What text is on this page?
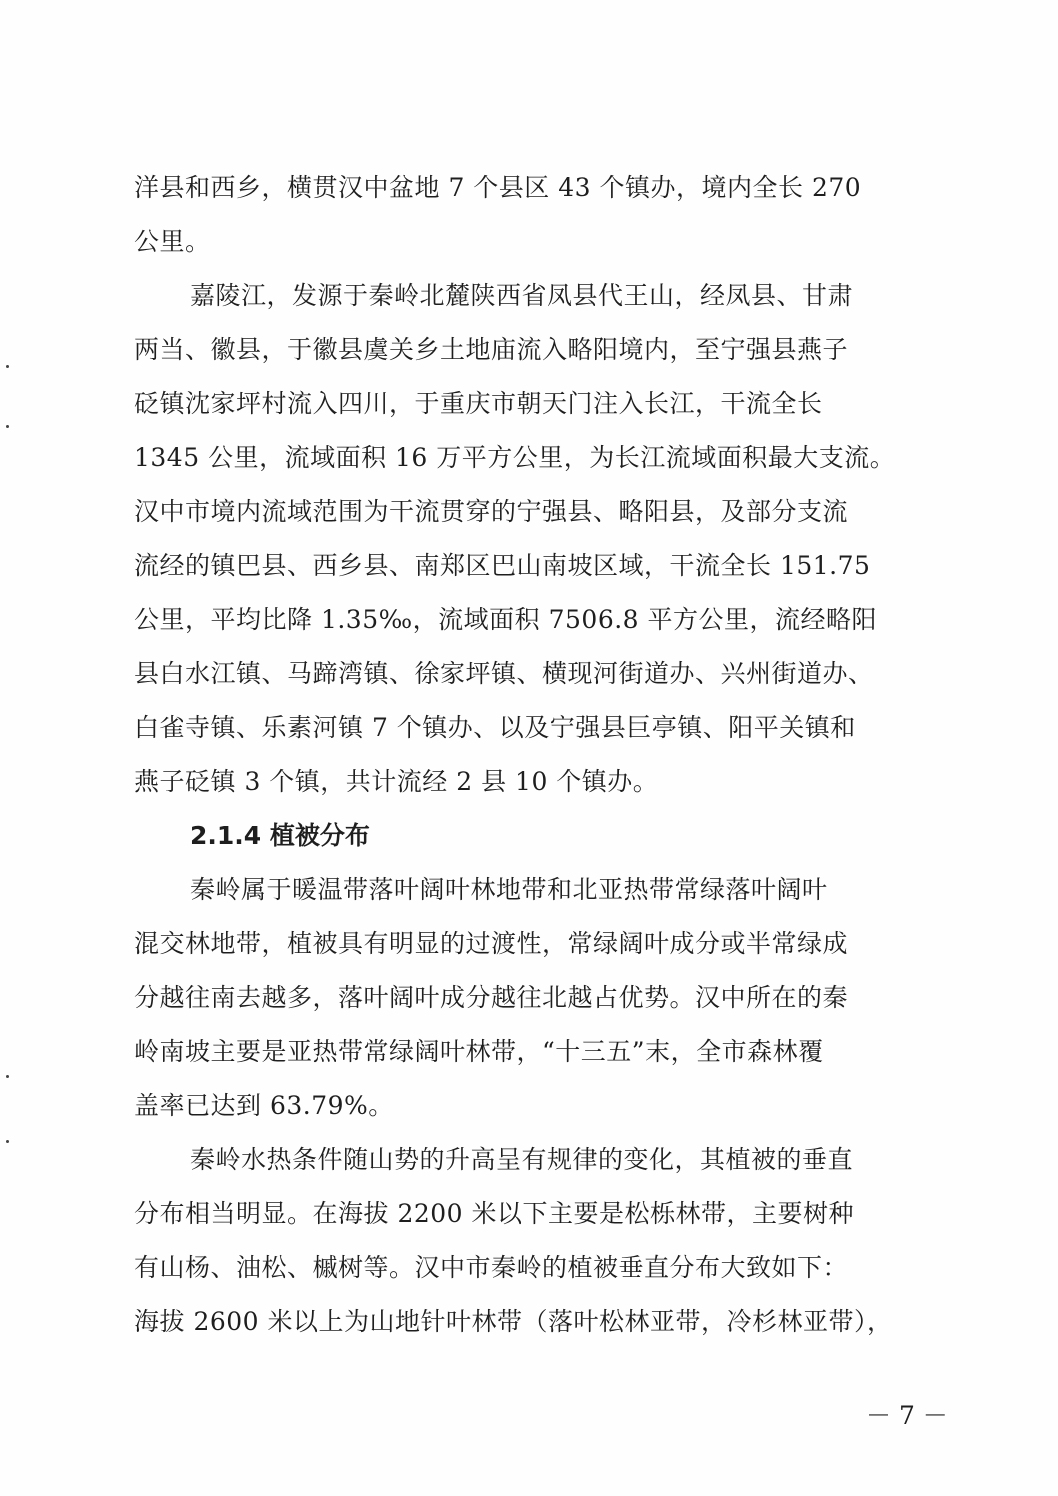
洋县和西乡，横贯汉中盆地 7 个县区 43 个镇办，境内全长 270
公里。
嘉陵江，发源于秦岭北麓陕西省凤县代王山，经凤县、甘肃
两当、徽县，于徽县虞关乡土地庙流入略阳境内，至宁强县燕子
砭镇沈家坪村流入四川，于重庆市朝天门注入长江，干流全长
1345 公里，流域面积 16 万平方公里，为长江流域面积最大支流。
汉中市境内流域范围为干流贯穿的宁强县、略阳县，及部分支流
流经的镇巴县、西乡县、南郑区巴山南坡区域，干流全长 151.75
公里，平均比降 1.35‰，流域面积 7506.8 平方公里，流经略阳
县白水江镇、马蹄湾镇、徐家坪镇、横现河街道办、兴州街道办、
白雀寺镇、乐素河镇 7 个镇办、以及宁强县巨亭镇、阳平关镇和
燕子砭镇 3 个镇，共计流经 2 县 10 个镇办。
2.1.4 植被分布
秦岭属于暖温带落叶阔叶林地带和北亚热带常绿落叶阔叶
混交林地带，植被具有明显的过渡性，常绿阔叶成分或半常绿成
分越往南去越多，落叶阔叶成分越往北越占优势。汉中所在的秦
岭南坡主要是亚热带常绿阔叶林带，“十三五”末，全市森林覆
盖率已达到 63.79%。
秦岭水热条件随山势的升高呈有规律的变化，其植被的垂直
分布相当明显。在海拔 2200 米以下主要是松栎林带，主要树种
有山杨、油松、槭树等。汉中市秦岭的植被垂直分布大致如下：
海拔 2600 米以上为山地针叶林带（落叶松林亚带，冷杉林亚带），
－ 7 －
